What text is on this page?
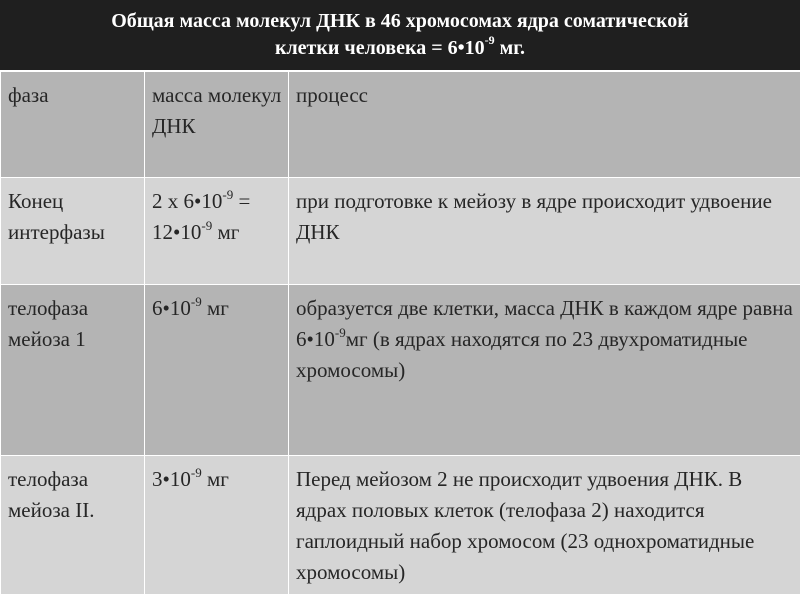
Общая масса молекул ДНК в 46 хромосомах ядра соматической
клетки человека = $6•10^{-9}$ мг.
фаза	масса молекул ДНК	процесс
Конец интерфазы	2 х $6•10^{-9}$ = $12•10^{-9}$ мг	при подготовке к мейозу в ядре происходит удвоение ДНК
телофаза мейоза 1	$6•10^{-9}$ мг	образуется две клетки, масса ДНК в каждом ядре равна $6•10^{-9}мг$ (в ядрах находятся по 23 двухроматидные хромосомы)
телофаза мейоза II.	$3•10^{-9}$ мг	Перед мейозом 2 не происходит удвоения ДНК. В ядрах половых клеток (телофаза 2) находится гаплоидный набор хромосом (23 однохроматидные хромосомы)
